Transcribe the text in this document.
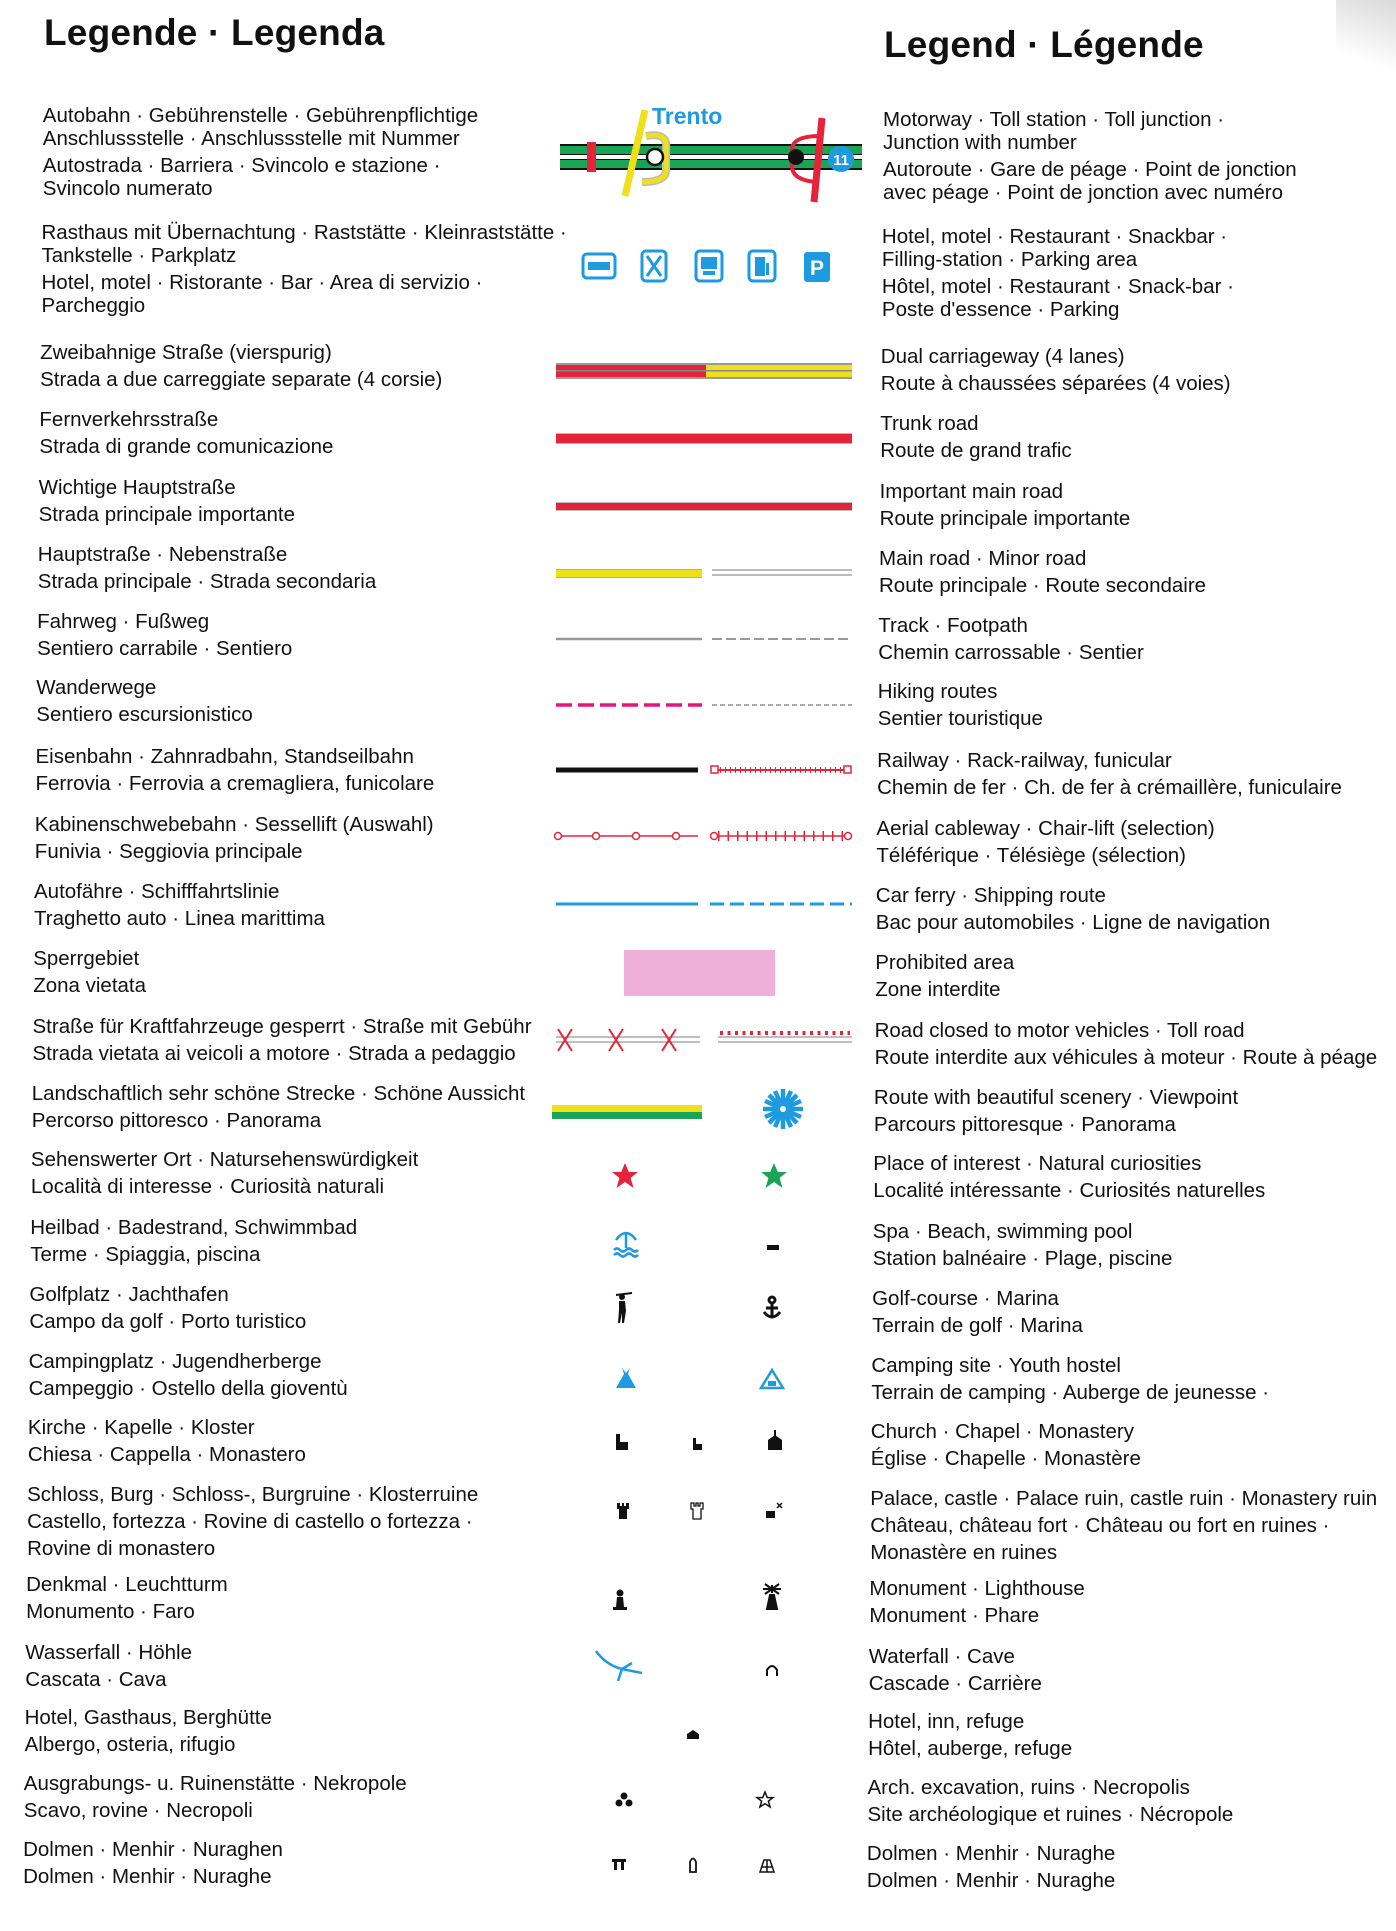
Legende · Legenda	Legend · Légende
11
Trento
Autobahn · Gebührenstelle · Gebührenpflichtige
Anschlussstelle · Anschlussstelle mit Nummer
Autostrada · Barriera · Svincolo e stazione ·
Svincolo numerato
Motorway · Toll station · Toll junction ·
Junction with number
Autoroute · Gare de péage · Point de jonction
avec péage · Point de jonction avec numéro
P
Rasthaus mit Übernachtung · Raststätte · Kleinraststätte ·
Tankstelle · Parkplatz
Hotel, motel · Ristorante · Bar · Area di servizio ·
Parcheggio
Hotel, motel · Restaurant · Snackbar ·
Filling-station · Parking area
Hôtel, motel · Restaurant · Snack-bar ·
Poste d'essence · Parking
Zweibahnige Straße (vierspurig)
Strada a due carreggiate separate (4 corsie)
Dual carriageway (4 lanes)
Route à chaussées séparées (4 voies)
Fernverkehrsstraße
Strada di grande comunicazione
Trunk road
Route de grand trafic
Wichtige Hauptstraße
Strada principale importante
Important main road
Route principale importante
Hauptstraße · Nebenstraße
Strada principale · Strada secondaria
Main road · Minor road
Route principale · Route secondaire
Fahrweg · Fußweg
Sentiero carrabile · Sentiero
Track · Footpath
Chemin carrossable · Sentier
Wanderwege
Sentiero escursionistico
Hiking routes
Sentier touristique
Eisenbahn · Zahnradbahn, Standseilbahn
Ferrovia · Ferrovia a cremagliera, funicolare
Railway · Rack-railway, funicular
Chemin de fer · Ch. de fer à crémaillère, funiculaire
Kabinenschwebebahn · Sessellift (Auswahl)
Funivia · Seggiovia principale
Aerial cableway · Chair-lift (selection)
Téléférique · Télésiège (sélection)
Autofähre · Schifffahrtslinie
Traghetto auto · Linea marittima
Car ferry · Shipping route
Bac pour automobiles · Ligne de navigation
Sperrgebiet
Zona vietata
Prohibited area
Zone interdite
Straße für Kraftfahrzeuge gesperrt · Straße mit Gebühr
Strada vietata ai veicoli a motore · Strada a pedaggio
Road closed to motor vehicles · Toll road
Route interdite aux véhicules à moteur · Route à péage
Landschaftlich sehr schöne Strecke · Schöne Aussicht
Percorso pittoresco · Panorama
Route with beautiful scenery · Viewpoint
Parcours pittoresque · Panorama
Sehenswerter Ort · Natursehenswürdigkeit
Località di interesse · Curiosità naturali
Place of interest · Natural curiosities
Localité intéressante · Curiosités naturelles
Heilbad · Badestrand, Schwimmbad
Terme · Spiaggia, piscina
Spa · Beach, swimming pool
Station balnéaire · Plage, piscine
Golfplatz · Jachthafen
Campo da golf · Porto turistico
Golf-course · Marina
Terrain de golf · Marina
Campingplatz · Jugendherberge
Campeggio · Ostello della gioventù
Camping site · Youth hostel
Terrain de camping · Auberge de jeunesse ·
Kirche · Kapelle · Kloster
Chiesa · Cappella · Monastero
Church · Chapel · Monastery
Église · Chapelle · Monastère
Schloss, Burg · Schloss-, Burgruine · Klosterruine
Castello, fortezza · Rovine di castello o fortezza ·
Rovine di monastero
Palace, castle · Palace ruin, castle ruin · Monastery ruin
Château, château fort · Château ou fort en ruines ·
Monastère en ruines
Denkmal · Leuchtturm
Monumento · Faro
Monument · Lighthouse
Monument · Phare
Wasserfall · Höhle
Cascata · Cava
Waterfall · Cave
Cascade · Carrière
Hotel, Gasthaus, Berghütte
Albergo, osteria, rifugio
Hotel, inn, refuge
Hôtel, auberge, refuge
Ausgrabungs- u. Ruinenstätte · Nekropole
Scavo, rovine · Necropoli
Arch. excavation, ruins · Necropolis
Site archéologique et ruines · Nécropole
Dolmen · Menhir · Nuraghen
Dolmen · Menhir · Nuraghe
Dolmen · Menhir · Nuraghe
Dolmen · Menhir · Nuraghe
